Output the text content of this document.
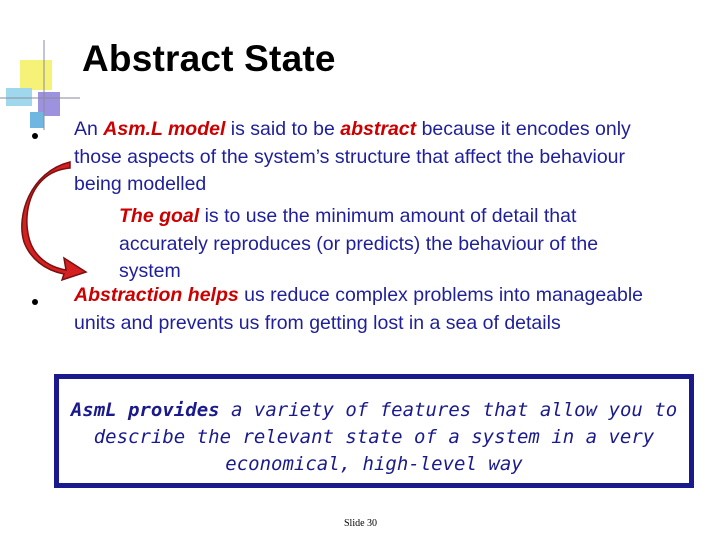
Abstract State
An Asm.L model is said to be abstract because it encodes only those aspects of the system’s structure that affect the behaviour being modelled
The goal is to use the minimum amount of detail that accurately reproduces (or predicts) the behaviour of the system
Abstraction helps us reduce complex problems into manageable units and prevents us from getting lost in a sea of details
AsmL provides a variety of features that allow you to describe the relevant state of a system in a very economical, high-level way
Slide 30
